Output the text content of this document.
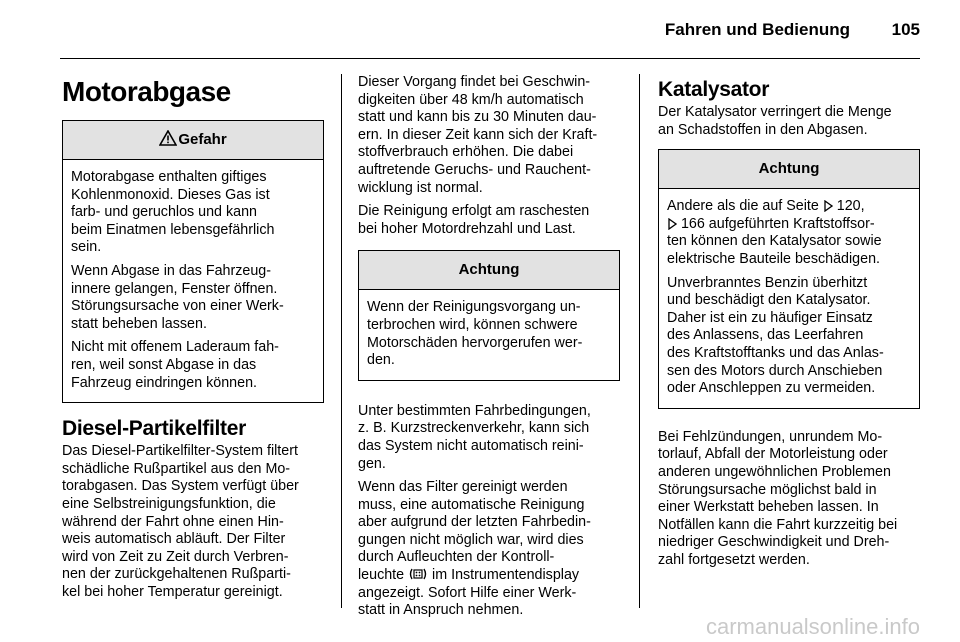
Fahren und Bedienung 105
Motorabgase
Gefahr

Motorabgase enthalten giftiges
Kohlenmonoxid. Dieses Gas ist
farb- und geruchlos und kann
beim Einatmen lebensgefährlich
sein.

Wenn Abgase in das Fahrzeug-
innere gelangen, Fenster öffnen.
Störungsursache von einer Werk-
statt beheben lassen.

Nicht mit offenem Laderaum fah-
ren, weil sonst Abgase in das
Fahrzeug eindringen können.

Diesel-Partikelfilter

Das Diesel-Partikelfilter-System filtert
schädliche Rußpartikel aus den Mo-
torabgasen. Das System verfügt über
eine Selbstreinigungsfunktion, die
während der Fahrt ohne einen Hin-
weis automatisch abläuft. Der Filter
wird von Zeit zu Zeit durch Verbren-
nen der zurückgehaltenen Rußparti-
kel bei hoher Temperatur gereinigt.

Dieser Vorgang findet bei Geschwin-
digkeiten über 48 km/h automatisch
statt und kann bis zu 30 Minuten dau-
ern. In dieser Zeit kann sich der Kraft-
stoffverbrauch erhöhen. Die dabei
auftretende Geruchs- und Rauchent-
wicklung ist normal.

Die Reinigung erfolgt am raschesten
bei hoher Motordrehzahl und Last.

Achtung

Wenn der Reinigungsvorgang un-
terbrochen wird, können schwere
Motorschäden hervorgerufen wer-
den.

Unter bestimmten Fahrbedingungen,
z. B. Kurzstreckenverkehr, kann sich
das System nicht automatisch reini-
gen.

Wenn das Filter gereinigt werden
muss, eine automatische Reinigung
aber aufgrund der letzten Fahrbedin-
gungen nicht möglich war, wird dies
durch Aufleuchten der Kontroll-
leuchte  im Instrumentendisplay
angezeigt. Sofort Hilfe einer Werk-
statt in Anspruch nehmen.

Katalysator

Der Katalysator verringert die Menge
an Schadstoffen in den Abgasen.

Achtung

Andere als die auf Seite  120,
166 aufgeführten Kraftstoffsor-
ten können den Katalysator sowie
elektrische Bauteile beschädigen.

Unverbranntes Benzin überhitzt
und beschädigt den Katalysator.
Daher ist ein zu häufiger Einsatz
des Anlassens, das Leerfahren
des Kraftstofftanks und das Anlas-
sen des Motors durch Anschieben
oder Anschleppen zu vermeiden.

Bei Fehlzündungen, unrundem Mo-
torlauf, Abfall der Motorleistung oder
anderen ungewöhnlichen Problemen
Störungsursache möglichst bald in
einer Werkstatt beheben lassen. In
Notfällen kann die Fahrt kurzzeitig bei
niedriger Geschwindigkeit und Dreh-
zahl fortgesetzt werden.

carmanualsonline.info
